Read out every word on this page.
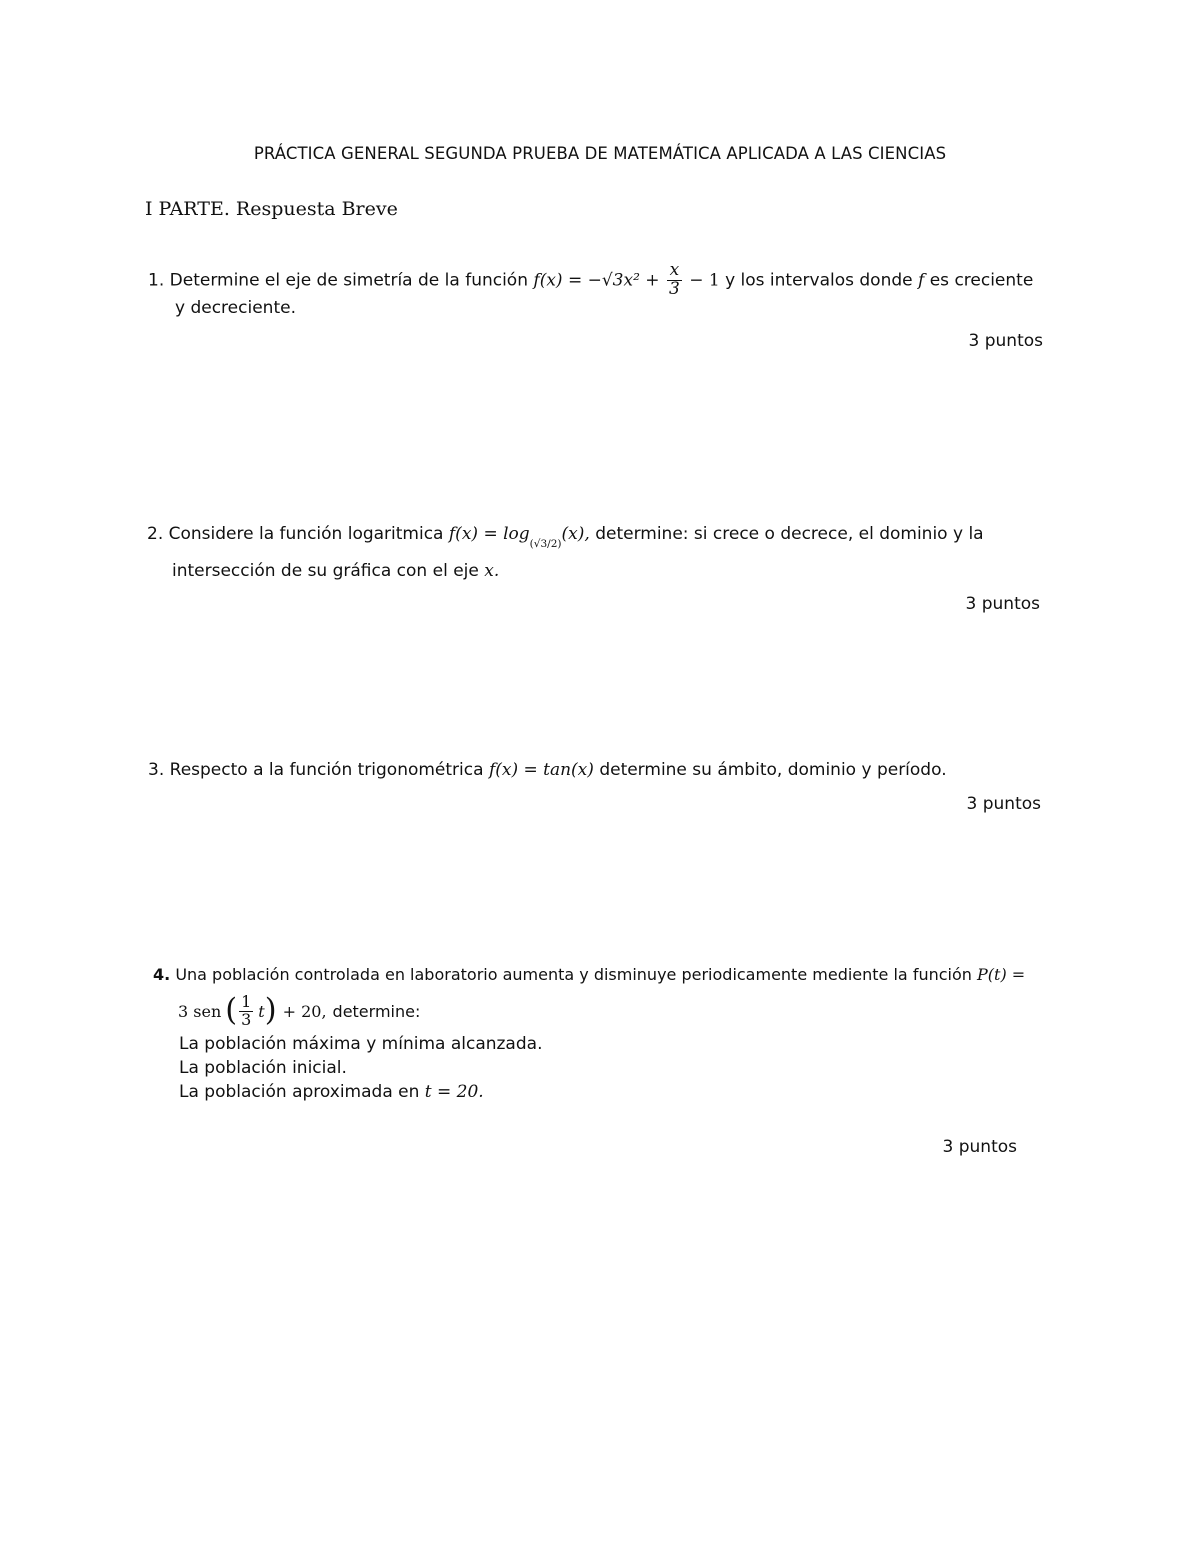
PRÁCTICA GENERAL SEGUNDA PRUEBA DE MATEMÁTICA APLICADA A LAS CIENCIAS
I PARTE. Respuesta Breve
1. Determine el eje de simetría de la función $f(x) = -√3x^2 + \frac{x}{3} - 1$ y los intervalos donde f es creciente
y decreciente.
3 puntos
2. Considere la función logaritmica $f(x) = \log_{(√3/2)}(x)$, determine: si crece o decrece, el dominio y la
intersección de su gráfica con el eje x.
3 puntos
3. Respecto a la función trigonométrica f(x) = tan(x) determine su ámbito, dominio y período.
3 puntos
4. Una población controlada en laboratorio aumenta y disminuye periodicamente mediente la función P(t) =
3 sen ( $\frac{1}{3}$ t ) + 20, determine:
La población máxima y mínima alcanzada.
La población inicial.
La población aproximada en t = 20.
3 puntos
